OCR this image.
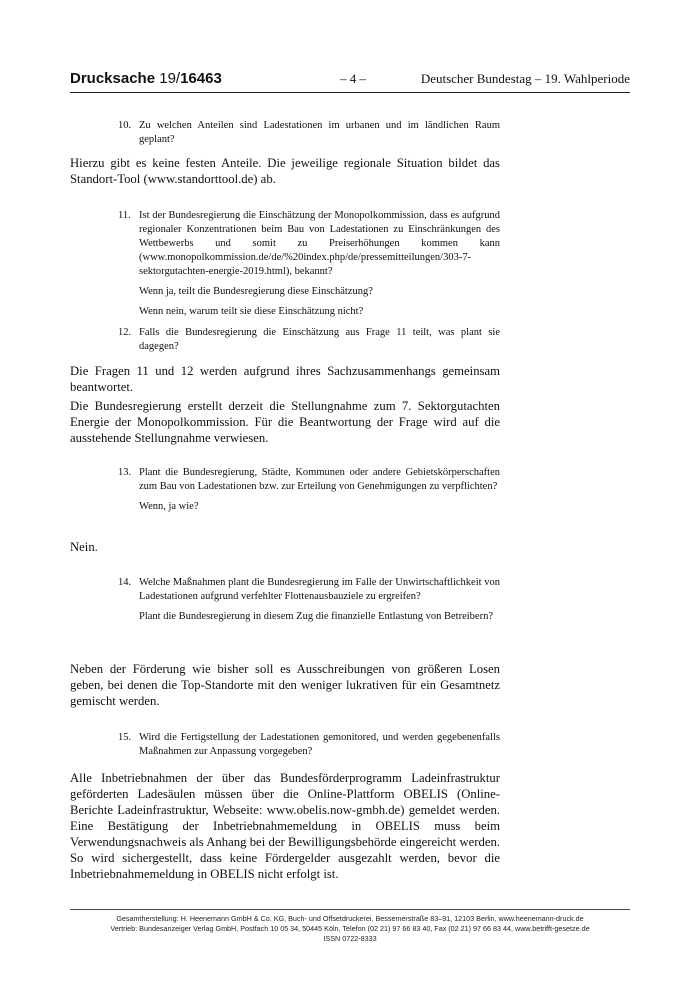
Drucksache 19/16463	– 4 –	Deutscher Bundestag – 19. Wahlperiode
10. Zu welchen Anteilen sind Ladestationen im urbanen und im ländlichen Raum geplant?
Hierzu gibt es keine festen Anteile. Die jeweilige regionale Situation bildet das Standort-Tool (www.standorttool.de) ab.
11. Ist der Bundesregierung die Einschätzung der Monopolkommission, dass es aufgrund regionaler Konzentrationen beim Bau von Ladestationen zu Einschränkungen des Wettbewerbs und somit zu Preiserhöhungen kommen kann (www.monopolkommission.de/de/%20index.php/de/pressemitteilungen/303-7-sektorgutachten-energie-2019.html), bekannt?
Wenn ja, teilt die Bundesregierung diese Einschätzung?
Wenn nein, warum teilt sie diese Einschätzung nicht?
12. Falls die Bundesregierung die Einschätzung aus Frage 11 teilt, was plant sie dagegen?
Die Fragen 11 und 12 werden aufgrund ihres Sachzusammenhangs gemeinsam beantwortet.
Die Bundesregierung erstellt derzeit die Stellungnahme zum 7. Sektorgutachten Energie der Monopolkommission. Für die Beantwortung der Frage wird auf die ausstehende Stellungnahme verwiesen.
13. Plant die Bundesregierung, Städte, Kommunen oder andere Gebietskörperschaften zum Bau von Ladestationen bzw. zur Erteilung von Genehmigungen zu verpflichten?
Wenn, ja wie?
Nein.
14. Welche Maßnahmen plant die Bundesregierung im Falle der Unwirtschaftlichkeit von Ladestationen aufgrund verfehlter Flottenausbauziele zu ergreifen?
Plant die Bundesregierung in diesem Zug die finanzielle Entlastung von Betreibern?
Neben der Förderung wie bisher soll es Ausschreibungen von größeren Losen geben, bei denen die Top-Standorte mit den weniger lukrativen für ein Gesamtnetz gemischt werden.
15. Wird die Fertigstellung der Ladestationen gemonitored, und werden gegebenenfalls Maßnahmen zur Anpassung vorgegeben?
Alle Inbetriebnahmen der über das Bundesförderprogramm Ladeinfrastruktur geförderten Ladesäulen müssen über die Online-Plattform OBELIS (Online-Berichte Ladeinfrastruktur, Webseite: www.obelis.now-gmbh.de) gemeldet werden. Eine Bestätigung der Inbetriebnahmemeldung in OBELIS muss beim Verwendungsnachweis als Anhang bei der Bewilligungsbehörde eingereicht werden. So wird sichergestellt, dass keine Fördergelder ausgezahlt werden, bevor die Inbetriebnahmemeldung in OBELIS nicht erfolgt ist.
Gesamtherstellung: H. Heenemann GmbH & Co. KG, Buch- und Offsetdruckerei, Bessemerstraße 83–91, 12103 Berlin, www.heenemann-druck.de
Vertrieb: Bundesanzeiger Verlag GmbH, Postfach 10 05 34, 50445 Köln, Telefon (02 21) 97 66 83 40, Fax (02 21) 97 66 83 44, www.betrifft-gesetze.de
ISSN 0722-8333
